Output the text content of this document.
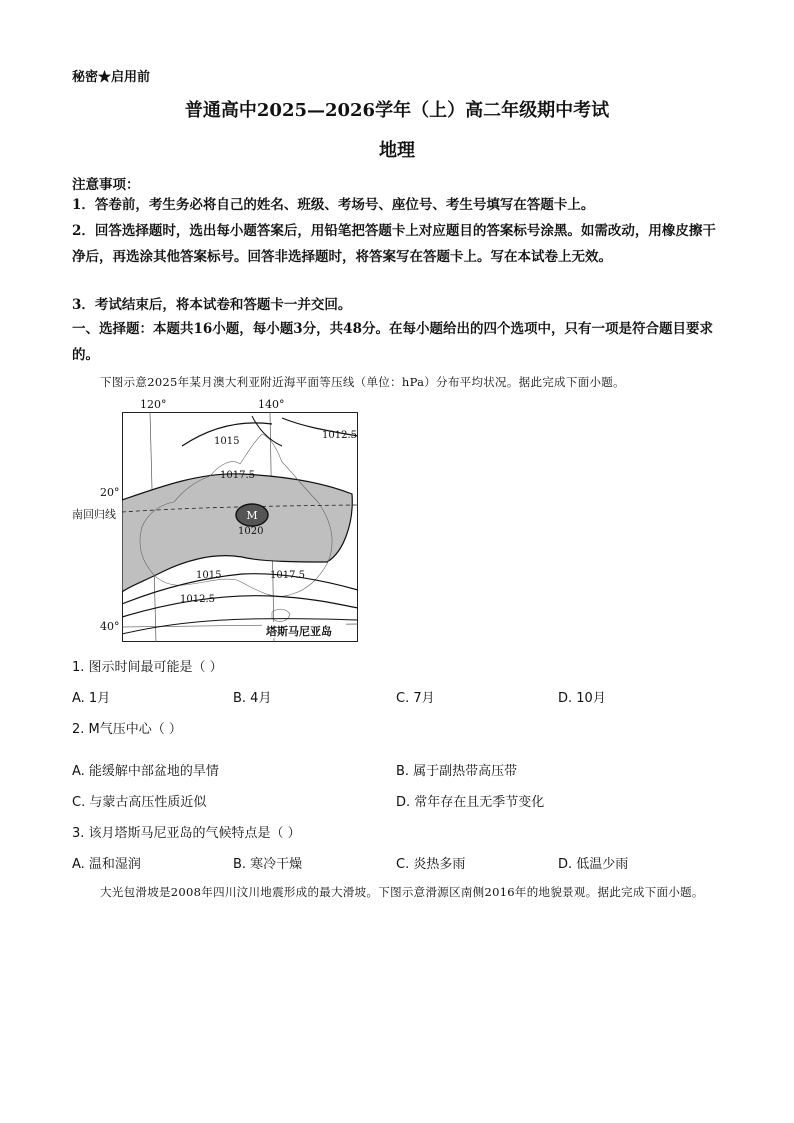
秘密★启用前
普通高中2025—2026学年（上）高二年级期中考试
地理
注意事项：
1．答卷前，考生务必将自己的姓名、班级、考场号、座位号、考生号填写在答题卡上。
2．回答选择题时，选出每小题答案后，用铅笔把答题卡上对应题目的答案标号涂黑。如需改动，用橡皮擦干净后，再选涂其他答案标号。回答非选择题时，将答案写在答题卡上。写在本试卷上无效。
3．考试结束后，将本试卷和答题卡一并交回。
一、选择题：本题共16小题，每小题3分，共48分。在每小题给出的四个选项中，只有一项是符合题目要求的。
下图示意2025年某月澳大利亚附近海平面等压线（单位：hPa）分布平均状况。据此完成下面小题。
120°	140°
20°
南回归线
40°
M
1015
1012.5
1017.5
1020
1017.5
1015
1012.5
塔斯马尼亚岛
1. 图示时间最可能是（ ）
A. 1月	B. 4月	C. 7月	D. 10月
2. M气压中心（ ）
A. 能缓解中部盆地的旱情	B. 属于副热带高压带
C. 与蒙古高压性质近似	D. 常年存在且无季节变化
3. 该月塔斯马尼亚岛的气候特点是（ ）
A. 温和湿润	B. 寒冷干燥	C. 炎热多雨	D. 低温少雨
大光包滑坡是2008年四川汶川地震形成的最大滑坡。下图示意滑源区南侧2016年的地貌景观。据此完成下面小题。
